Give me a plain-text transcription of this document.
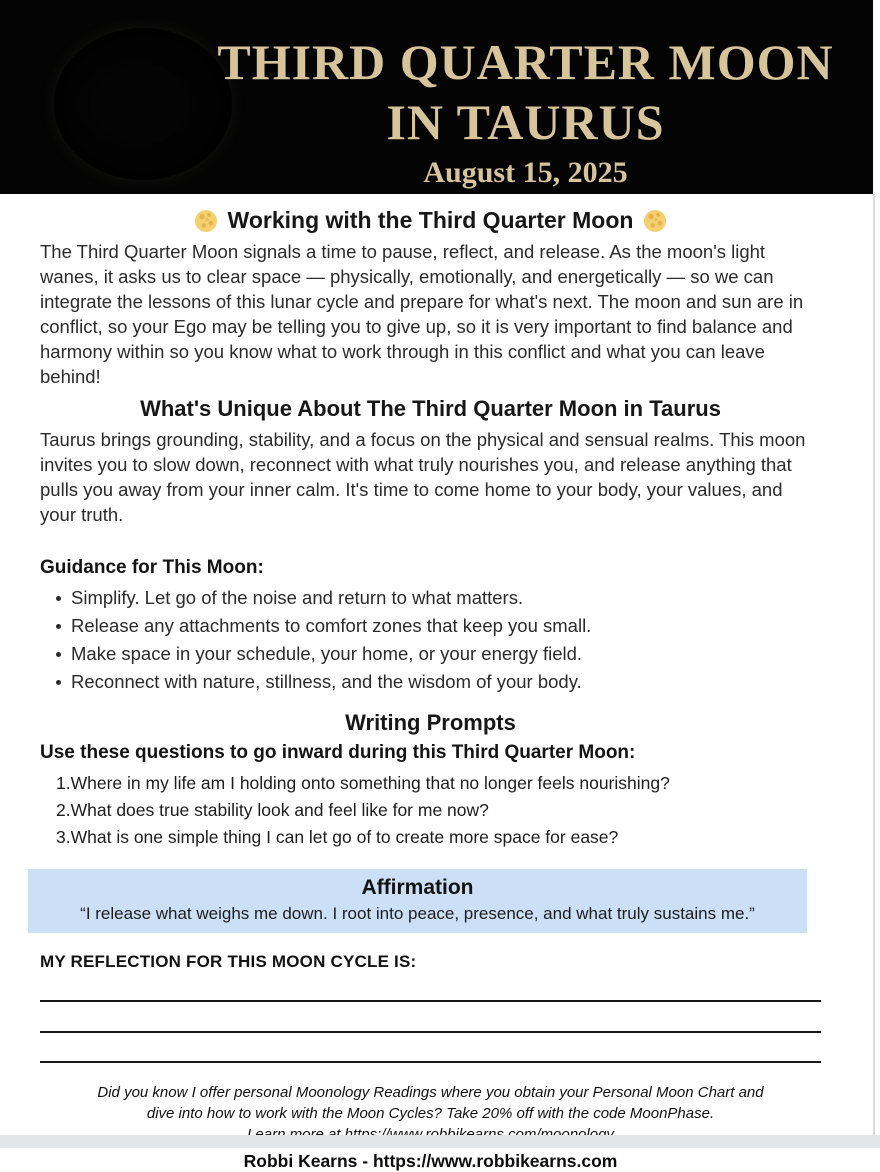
THIRD QUARTER MOON
IN TAURUS
August 15, 2025
Working with the Third Quarter Moon

The Third Quarter Moon signals a time to pause, reflect, and release. As the moon's light wanes, it asks us to clear space — physically, emotionally, and energetically — so we can integrate the lessons of this lunar cycle and prepare for what's next. The moon and sun are in conflict, so your Ego may be telling you to give up, so it is very important to find balance and harmony within so you know what to work through in this conflict and what you can leave behind!

What's Unique About The Third Quarter Moon in Taurus

Taurus brings grounding, stability, and a focus on the physical and sensual realms. This moon invites you to slow down, reconnect with what truly nourishes you, and release anything that pulls you away from your inner calm. It's time to come home to your body, your values, and your truth.

Guidance for This Moon:
Simplify. Let go of the noise and return to what matters.
Release any attachments to comfort zones that keep you small.
Make space in your schedule, your home, or your energy field.
Reconnect with nature, stillness, and the wisdom of your body.
Writing Prompts
Use these questions to go inward during this Third Quarter Moon:
Where in my life am I holding onto something that no longer feels nourishing?
What does true stability look and feel like for me now?
What is one simple thing I can let go of to create more space for ease?
Affirmation
“I release what weighs me down. I root into peace, presence, and what truly sustains me.”
MY REFLECTION FOR THIS MOON CYCLE IS:
Did you know I offer personal Moonology Readings where you obtain your Personal Moon Chart and
dive into how to work with the Moon Cycles? Take 20% off with the code MoonPhase.
Robbi Kearns - https://www.robbikearns.com
